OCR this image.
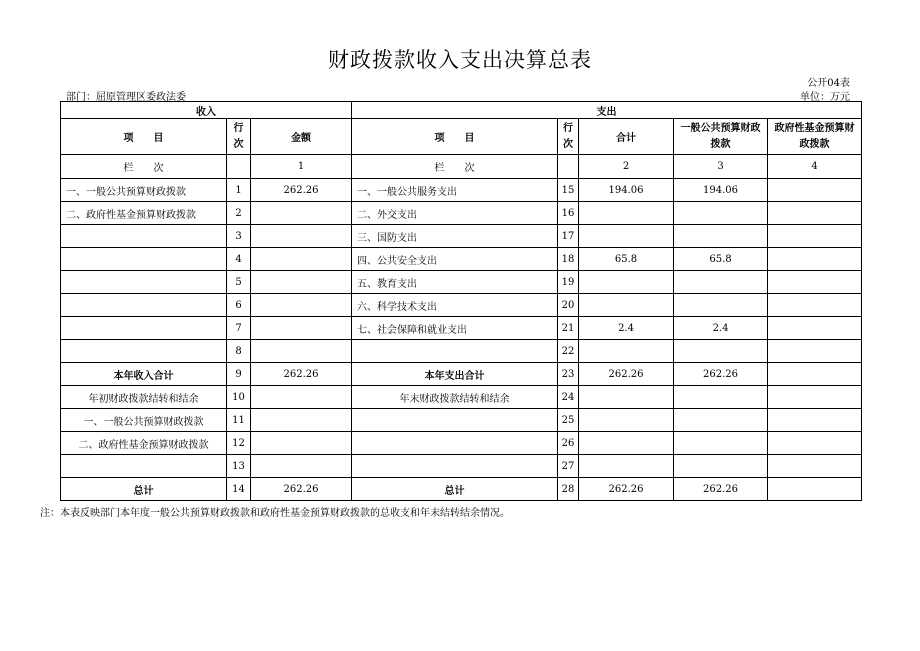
财政拨款收入支出决算总表
公开04表
部门：屈原管理区委政法委	单位：万元
收入			支出				
项　　目	行次	金额	项　　目	行次	合计	一般公共预算财政拨款	政府性基金预算财政拨款
栏　　次		1	栏　　次		2	3	4
一、一般公共预算财政拨款	1	262.26	一、一般公共服务支出	15	194.06	194.06	
二、政府性基金预算财政拨款	2		二、外交支出	16			
	3		三、国防支出	17			
	4		四、公共安全支出	18	65.8	65.8	
	5		五、教育支出	19			
	6		六、科学技术支出	20			
	7		七、社会保障和就业支出	21	2.4	2.4	
	8			22			
本年收入合计	9	262.26	本年支出合计	23	262.26	262.26	
年初财政拨款结转和结余	10		年末财政拨款结转和结余	24			
一、一般公共预算财政拨款	11			25			
二、政府性基金预算财政拨款	12			26			
	13			27			
总计	14	262.26	总计	28	262.26	262.26	
注：本表反映部门本年度一般公共预算财政拨款和政府性基金预算财政拨款的总收支和年末结转结余情况。
